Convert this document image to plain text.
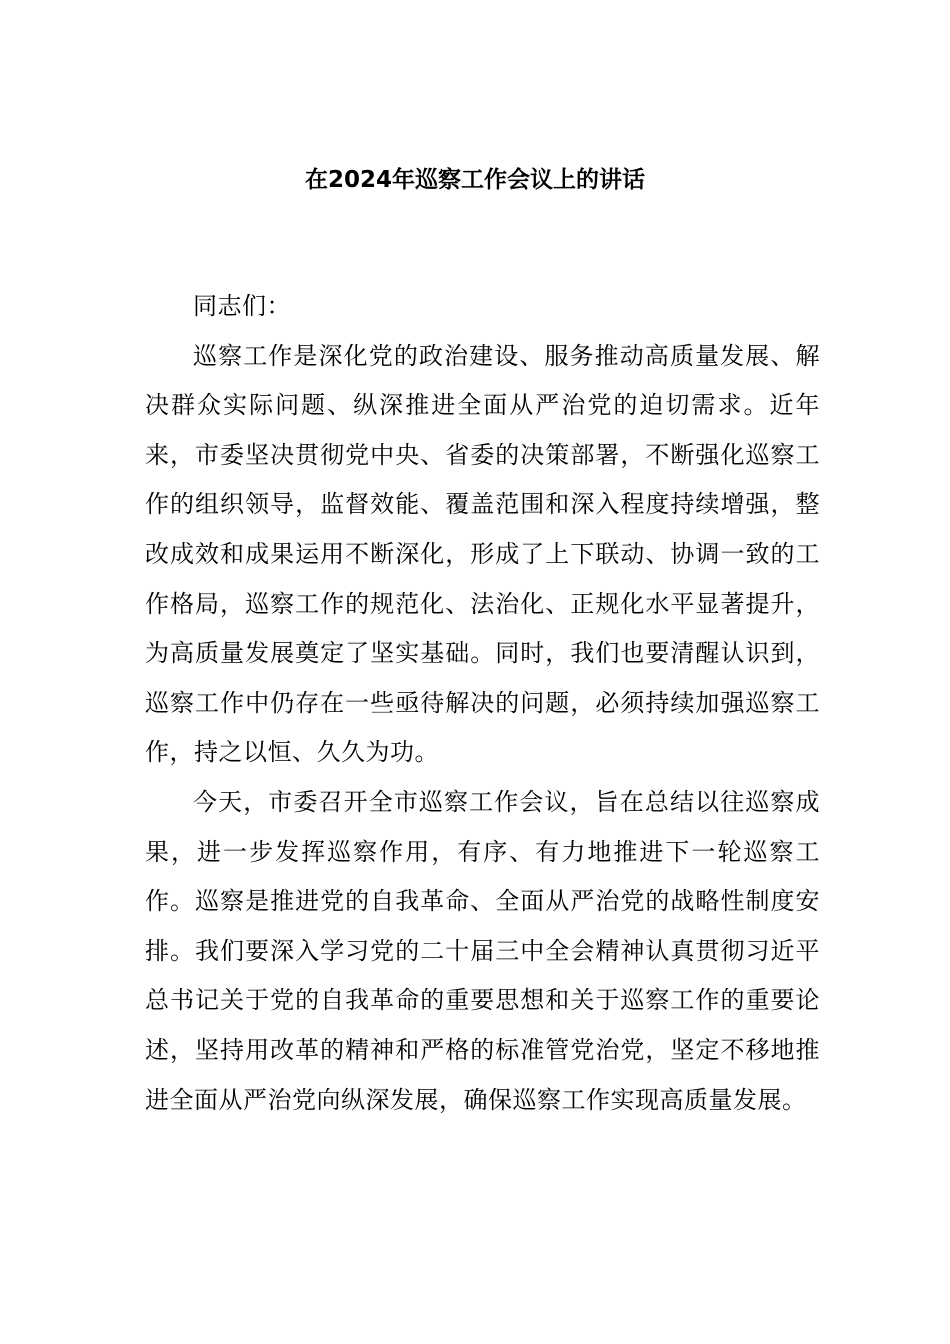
在2024年巡察工作会议上的讲话

同志们：

巡察工作是深化党的政治建设、服务推动高质量发展、解决群众实际问题、纵深推进全面从严治党的迫切需求。近年来，市委坚决贯彻党中央、省委的决策部署，不断强化巡察工作的组织领导，监督效能、覆盖范围和深入程度持续增强，整改成效和成果运用不断深化，形成了上下联动、协调一致的工作格局，巡察工作的规范化、法治化、正规化水平显著提升，为高质量发展奠定了坚实基础。同时，我们也要清醒认识到，巡察工作中仍存在一些亟待解决的问题，必须持续加强巡察工作，持之以恒、久久为功。

今天，市委召开全市巡察工作会议，旨在总结以往巡察成果，进一步发挥巡察作用，有序、有力地推进下一轮巡察工作。巡察是推进党的自我革命、全面从严治党的战略性制度安排。我们要深入学习党的二十届三中全会精神认真贯彻习近平总书记关于党的自我革命的重要思想和关于巡察工作的重要论述，坚持用改革的精神和严格的标准管党治党，坚定不移地推进全面从严治党向纵深发展，确保巡察工作实现高质量发展。
